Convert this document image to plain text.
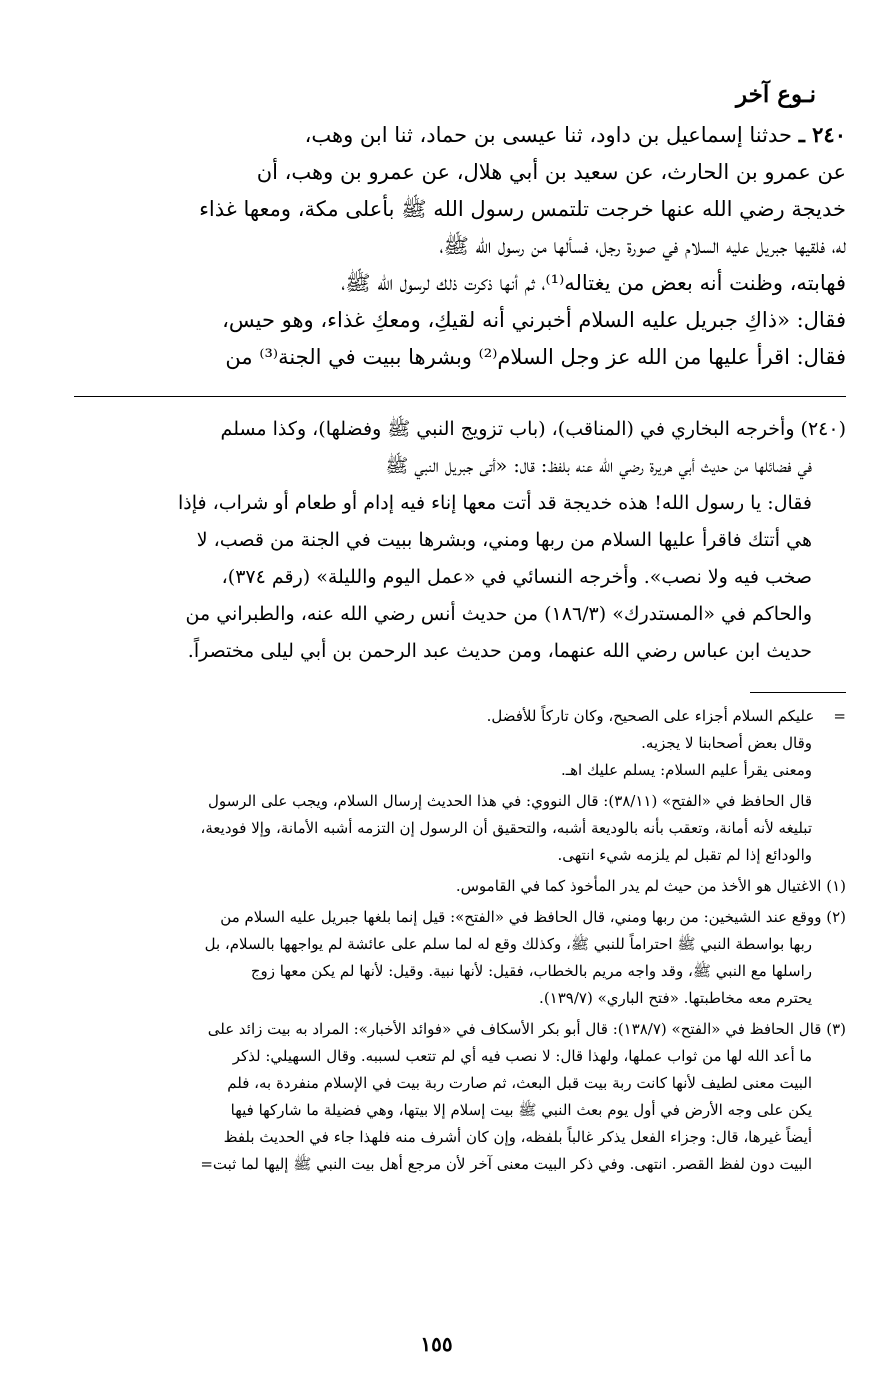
نـوع آخر

٢٤٠ ـ حدثنا إسماعيل بن داود، ثنا عيسى بن حماد، ثنا ابن وهب،
عن عمرو بن الحارث، عن سعيد بن أبي هلال، عن عمرو بن وهب، أن
خديجة رضي الله عنها خرجت تلتمس رسول الله ﷺ بأعلى مكة، ومعها غذاء
له، فلقيها جبريل عليه السلام في صورة رجل، فسألها من رسول الله ﷺ،
فهابته، وظنت أنه بعض من يغتاله⁽¹⁾، ثم أنها ذكرت ذلك لرسول الله ﷺ،
فقال: «ذاكِ جبريل عليه السلام أخبرني أنه لقيكِ، ومعكِ غذاء، وهو حيس،
فقال: اقرأ عليها من الله عز وجل السلام⁽²⁾ وبشرها ببيت في الجنة⁽³⁾ من

(٢٤٠) وأخرجه البخاري في (المناقب)، (باب تزويج النبي ﷺ وفضلها)، وكذا مسلم
في فضائلها من حديث أبي هريرة رضي الله عنه بلفظ: قال: «أتى جبريل النبي ﷺ
فقال: يا رسول الله! هذه خديجة قد أتت معها إناء فيه إدام أو طعام أو شراب، فإذا
هي أتتك فاقرأ عليها السلام من ربها ومني، وبشرها ببيت في الجنة من قصب، لا
صخب فيه ولا نصب». وأخرجه النسائي في «عمل اليوم والليلة» (رقم ٣٧٤)،
والحاكم في «المستدرك» (١٨٦/٣) من حديث أنس رضي الله عنه، والطبراني من
حديث ابن عباس رضي الله عنهما، ومن حديث عبد الرحمن بن أبي ليلى مختصراً.
=    عليكم السلام أجزاء على الصحيح، وكان تاركاً للأفضل.
وقال بعض أصحابنا لا يجزيه.
ومعنى يقرأ عليم السلام: يسلم عليك اهـ.
قال الحافظ في «الفتح» (٣٨/١١): قال النووي: في هذا الحديث إرسال السلام، ويجب على الرسول
تبليغه لأنه أمانة، وتعقب بأنه بالوديعة أشبه، والتحقيق أن الرسول إن التزمه أشبه الأمانة، وإلا فوديعة،
والودائع إذا لم تقبل لم يلزمه شيء انتهى.
(١) الاغتيال هو الأخذ من حيث لم يدر المأخوذ كما في القاموس.
(٢) ووقع عند الشيخين: من ربها ومني، قال الحافظ في «الفتح»: قيل إنما بلغها جبريل عليه السلام من
ربها بواسطة النبي ﷺ احتراماً للنبي ﷺ، وكذلك وقع له لما سلم على عائشة لم يواجهها بالسلام، بل
راسلها مع النبي ﷺ، وقد واجه مريم بالخطاب، فقيل: لأنها نبية. وقيل: لأنها لم يكن معها زوج
يحترم معه مخاطبتها. «فتح الباري» (١٣٩/٧).
(٣) قال الحافظ في «الفتح» (١٣٨/٧): قال أبو بكر الأسكاف في «فوائد الأخبار»: المراد به بيت زائد على
ما أعد الله لها من ثواب عملها، ولهذا قال: لا نصب فيه أي لم تتعب لسببه. وقال السهيلي: لذكر
البيت معنى لطيف لأنها كانت ربة بيت قبل البعث، ثم صارت ربة بيت في الإسلام منفردة به، فلم
يكن على وجه الأرض في أول يوم بعث النبي ﷺ بيت إسلام إلا بيتها، وهي فضيلة ما شاركها فيها
أيضاً غيرها، قال: وجزاء الفعل يذكر غالباً بلفظه، وإن كان أشرف منه فلهذا جاء في الحديث بلفظ
البيت دون لفظ القصر. انتهى. وفي ذكر البيت معنى آخر لأن مرجع أهل بيت النبي ﷺ إليها لما ثبت=
١٥٥
